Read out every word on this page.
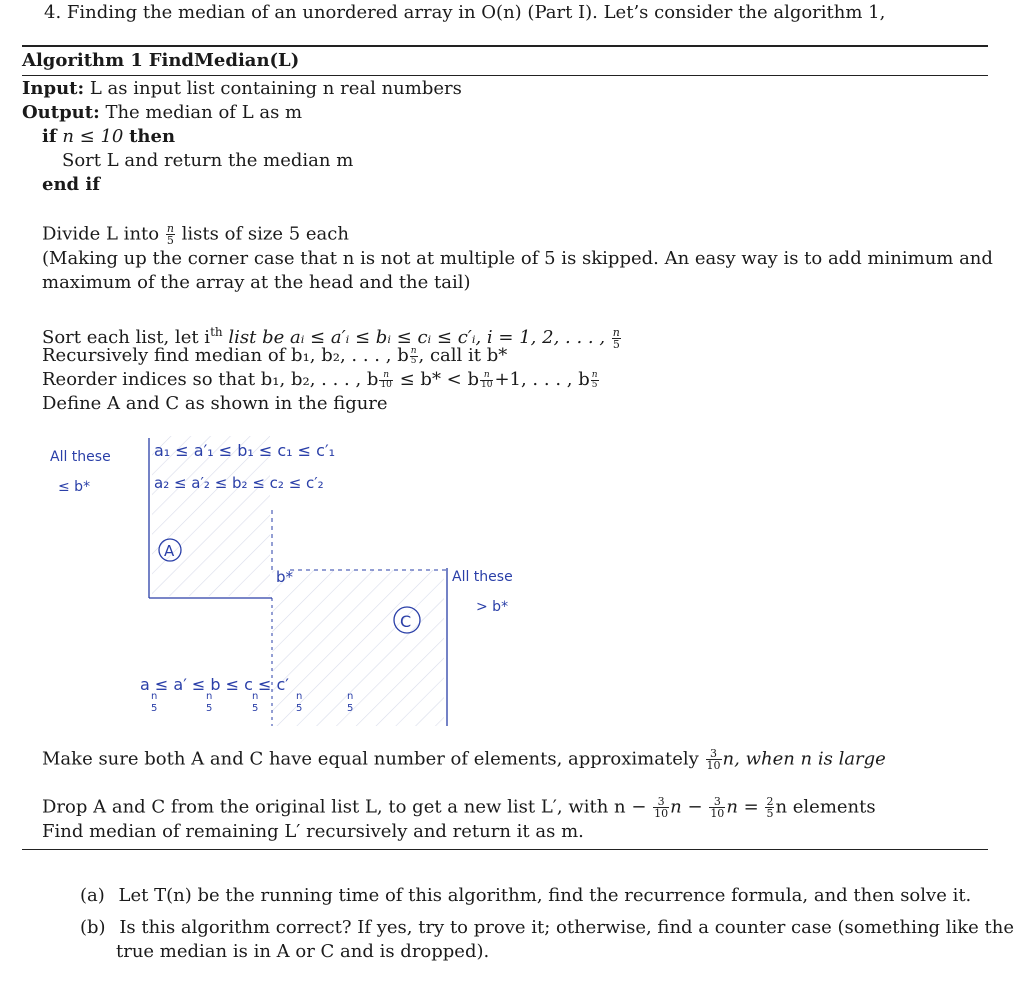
4. Finding the median of an unordered array in O(n) (Part I). Let’s consider the algorithm 1,
Algorithm 1 FindMedian(L)
Input: L as input list containing n real numbers
Output: The median of L as m
if n ≤ 10 then
Sort L and return the median m
end if
Divide L into $\frac{n}{5}$ lists of size 5 each
(Making up the corner case that n is not at multiple of 5 is skipped. An easy way is to add minimum and
maximum of the array at the head and the tail)
Sort each list, let $i^{th}$ list be aᵢ ≤ a′ᵢ ≤ bᵢ ≤ cᵢ ≤ c′ᵢ, i = 1, 2, . . . , $\frac{n}{5}$
Recursively find median of b₁, b₂, . . . , b $\frac{n}{5}$ , call it b*
Reorder indices so that b₁, b₂, . . . , b $\frac{n}{10} \le b* < b \frac{n}{10} +1$, . . . , b $\frac{n}{5}$
Define A and C as shown in the figure
All these
≤ b*
a₁ ≤ a′₁ ≤ b₁ ≤ c₁ ≤ c′₁
a₂ ≤ a′₂ ≤ b₂ ≤ c₂ ≤ c′₂
A
b*
C
All these
> b*
a ≤ a′ ≤ b ≤ c ≤ c′
n
5
n
5
n
5
n
5
n
5
Make sure both A and C have equal number of elements, approximately $\frac{3}{10} n$, when n is large
Drop A and C from the original list L, to get a new list L′, with $n - \frac{3}{10}$ $n - \frac{3}{10}$ $n = \frac{2}{5}$ n elements
Find median of remaining L′ recursively and return it as m.
(a) Let T(n) be the running time of this algorithm, find the recurrence formula, and then solve it.
(b) Is this algorithm correct? If yes, try to prove it; otherwise, find a counter case (something like the
true median is in A or C and is dropped).
